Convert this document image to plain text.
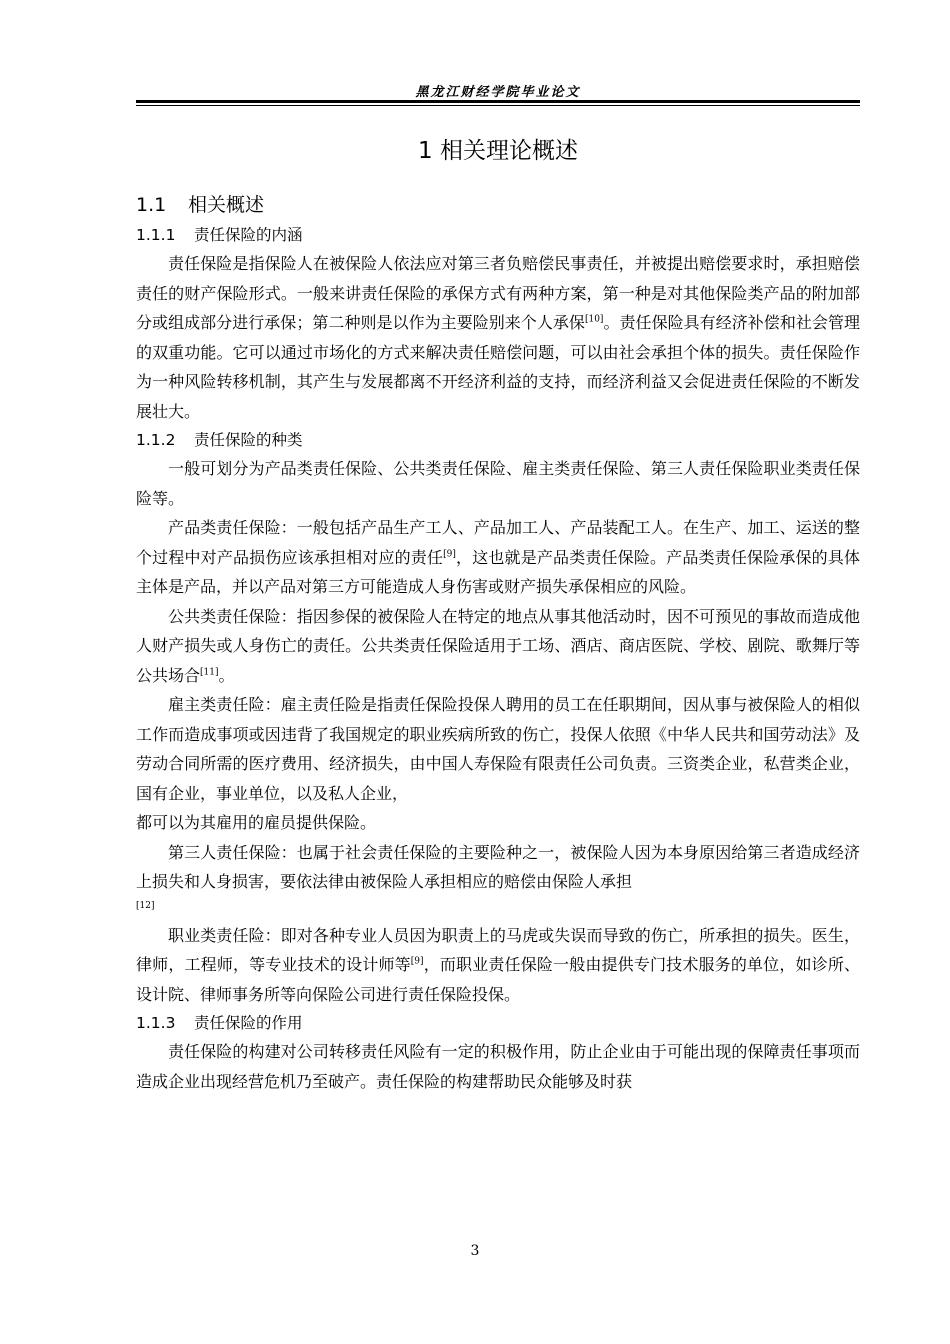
黑龙江财经学院毕业论文
1 相关理论概述
1.1 相关概述
1.1.1 责任保险的内涵

责任保险是指保险人在被保险人依法应对第三者负赔偿民事责任，并被提出赔偿要求时，承担赔偿责任的财产保险形式。一般来讲责任保险的承保方式有两种方案，第一种是对其他保险类产品的附加部分或组成部分进行承保；第二种则是以作为主要险别来个人承保[10]。责任保险具有经济补偿和社会管理的双重功能。它可以通过市场化的方式来解决责任赔偿问题，可以由社会承担个体的损失。责任保险作为一种风险转移机制，其产生与发展都离不开经济利益的支持，而经济利益又会促进责任保险的不断发展壮大。

1.1.2 责任保险的种类

一般可划分为产品类责任保险、公共类责任保险、雇主类责任保险、第三人责任保险职业类责任保险等。

产品类责任保险：一般包括产品生产工人、产品加工人、产品装配工人。在生产、加工、运送的整个过程中对产品损伤应该承担相对应的责任[9]，这也就是产品类责任保险。产品类责任保险承保的具体主体是产品，并以产品对第三方可能造成人身伤害或财产损失承保相应的风险。

公共类责任保险：指因参保的被保险人在特定的地点从事其他活动时，因不可预见的事故而造成他人财产损失或人身伤亡的责任。公共类责任保险适用于工场、酒店、商店医院、学校、剧院、歌舞厅等公共场合[11]。

雇主类责任险：雇主责任险是指责任保险投保人聘用的员工在任职期间，因从事与被保险人的相似工作而造成事项或因违背了我国规定的职业疾病所致的伤亡，投保人依照《中华人民共和国劳动法》及劳动合同所需的医疗费用、经济损失，由中国人寿保险有限责任公司负责。三资类企业，私营类企业，国有企业，事业单位，以及私人企业，

都可以为其雇用的雇员提供保险。

第三人责任保险：也属于社会责任保险的主要险种之一，被保险人因为本身原因给第三者造成经济上损失和人身损害，要依法律由被保险人承担相应的赔偿由保险人承担

[12]

职业类责任险：即对各种专业人员因为职责上的马虎或失误而导致的伤亡，所承担的损失。医生，律师，工程师，等专业技术的设计师等[9]，而职业责任保险一般由提供专门技术服务的单位，如诊所、设计院、律师事务所等向保险公司进行责任保险投保。

1.1.3 责任保险的作用

责任保险的构建对公司转移责任风险有一定的积极作用，防止企业由于可能出现的保障责任事项而造成企业出现经营危机乃至破产。责任保险的构建帮助民众能够及时获

3
